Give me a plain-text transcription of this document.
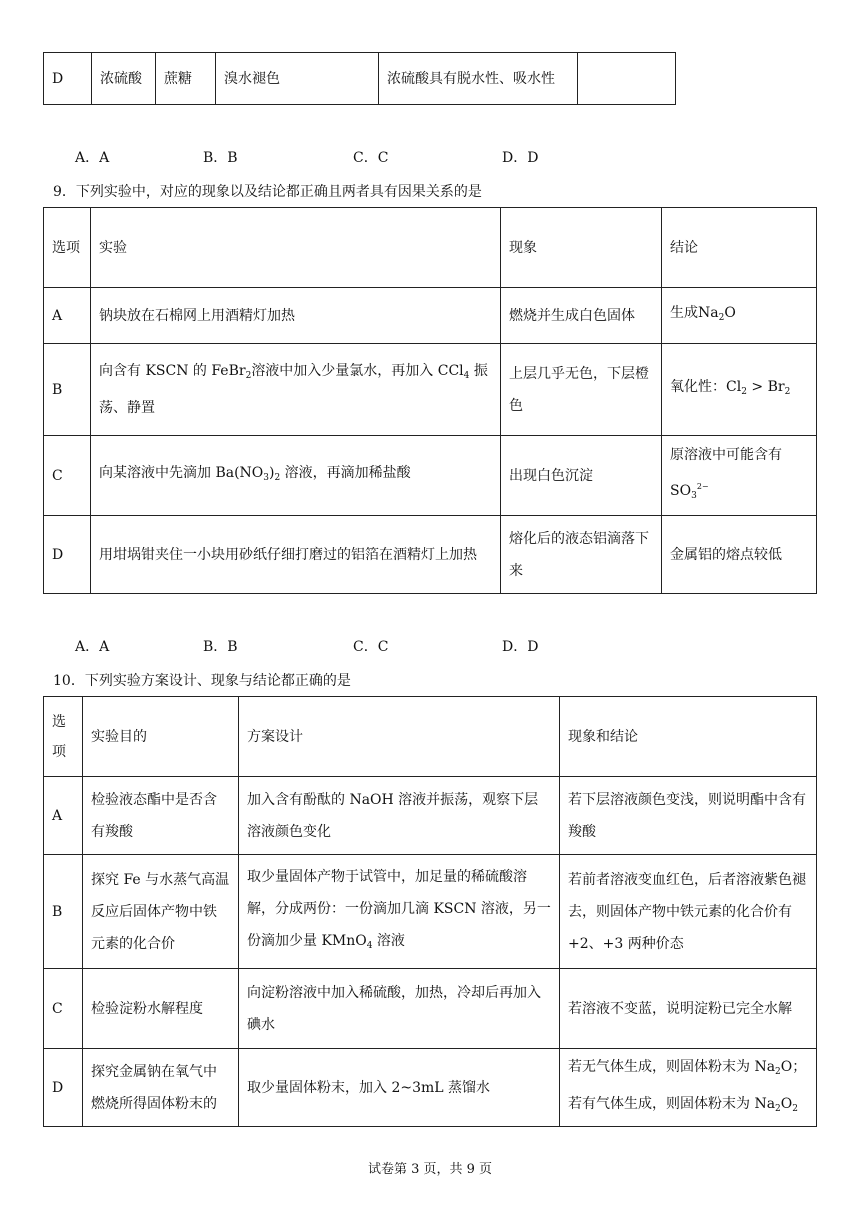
D	浓硫酸	蔗糖	溴水褪色	浓硫酸具有脱水性、吸水性	
A．A	B．B	C．C	D．D
9．下列实验中，对应的现象以及结论都正确且两者具有因果关系的是
选项	实验	现象	结论
A	钠块放在石棉网上用酒精灯加热	燃烧并生成白色固体	生成$Na_2O$
B	向含有 KSCN 的 FeBr$_2$溶液中加入少量氯水，再加入 CCl$_4$ 振荡、静置	上层几乎无色，下层橙色	氧化性：$Cl_2 > Br_2$
C	向某溶液中先滴加 $Ba(NO_3)_2$ 溶液，再滴加稀盐酸	出现白色沉淀	原溶液中可能含有
$SO_3^{2-}$
D	用坩埚钳夹住一小块用砂纸仔细打磨过的铝箔在酒精灯上加热	熔化后的液态铝滴落下来	金属铝的熔点较低
A．A	B．B	C．C	D．D
10．下列实验方案设计、现象与结论都正确的是
选项	实验目的	方案设计	现象和结论
A	检验液态酯中是否含有羧酸	加入含有酚酞的 NaOH 溶液并振荡，观察下层溶液颜色变化	若下层溶液颜色变浅，则说明酯中含有羧酸
B	探究 Fe 与水蒸气高温反应后固体产物中铁元素的化合价	取少量固体产物于试管中，加足量的稀硫酸溶解，分成两份：一份滴加几滴 KSCN 溶液，另一份滴加少量 KMnO$_4$ 溶液	若前者溶液变血红色，后者溶液紫色褪去，则固体产物中铁元素的化合价有+2、+3 两种价态
C	检验淀粉水解程度	向淀粉溶液中加入稀硫酸，加热，冷却后再加入碘水	若溶液不变蓝，说明淀粉已完全水解
D	探究金属钠在氧气中燃烧所得固体粉末的	取少量固体粉末，加入 2~3mL 蒸馏水	若无气体生成，则固体粉末为 $Na_2O$；
若有气体生成，则固体粉末为 $Na_2O_2$
试卷第 3 页，共 9 页
